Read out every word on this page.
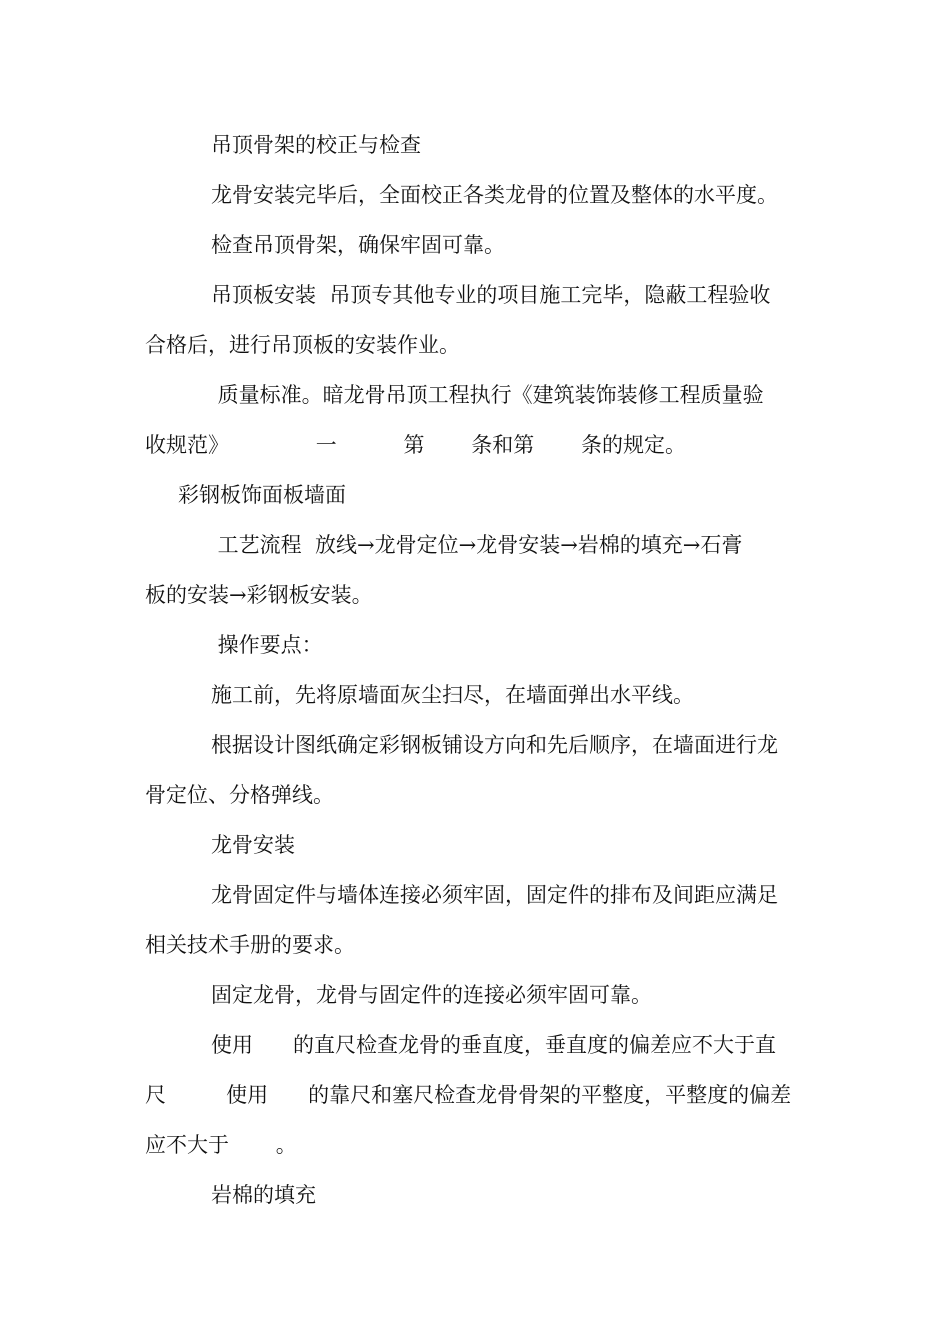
吊顶骨架的校正与检查
龙骨安装完毕后，全面校正各类龙骨的位置及整体的水平度。
检查吊顶骨架，确保牢固可靠。
吊顶板安装  吊顶专其他专业的项目施工完毕，隐蔽工程验收
合格后，进行吊顶板的安装作业。
质量标准。暗龙骨吊顶工程执行《建筑装饰装修工程质量验
收规范》             一          第       条和第       条的规定。
彩钢板饰面板墙面
工艺流程  放线→龙骨定位→龙骨安装→岩棉的填充→石膏
板的安装→彩钢板安装。
操作要点：
施工前，先将原墙面灰尘扫尽，在墙面弹出水平线。
根据设计图纸确定彩钢板铺设方向和先后顺序，在墙面进行龙
骨定位、分格弹线。
龙骨安装
龙骨固定件与墙体连接必须牢固，固定件的排布及间距应满足
相关技术手册的要求。
固定龙骨，龙骨与固定件的连接必须牢固可靠。
使用      的直尺检查龙骨的垂直度，垂直度的偏差应不大于直
尺         使用      的靠尺和塞尺检查龙骨骨架的平整度，平整度的偏差
应不大于       。
岩棉的填充
